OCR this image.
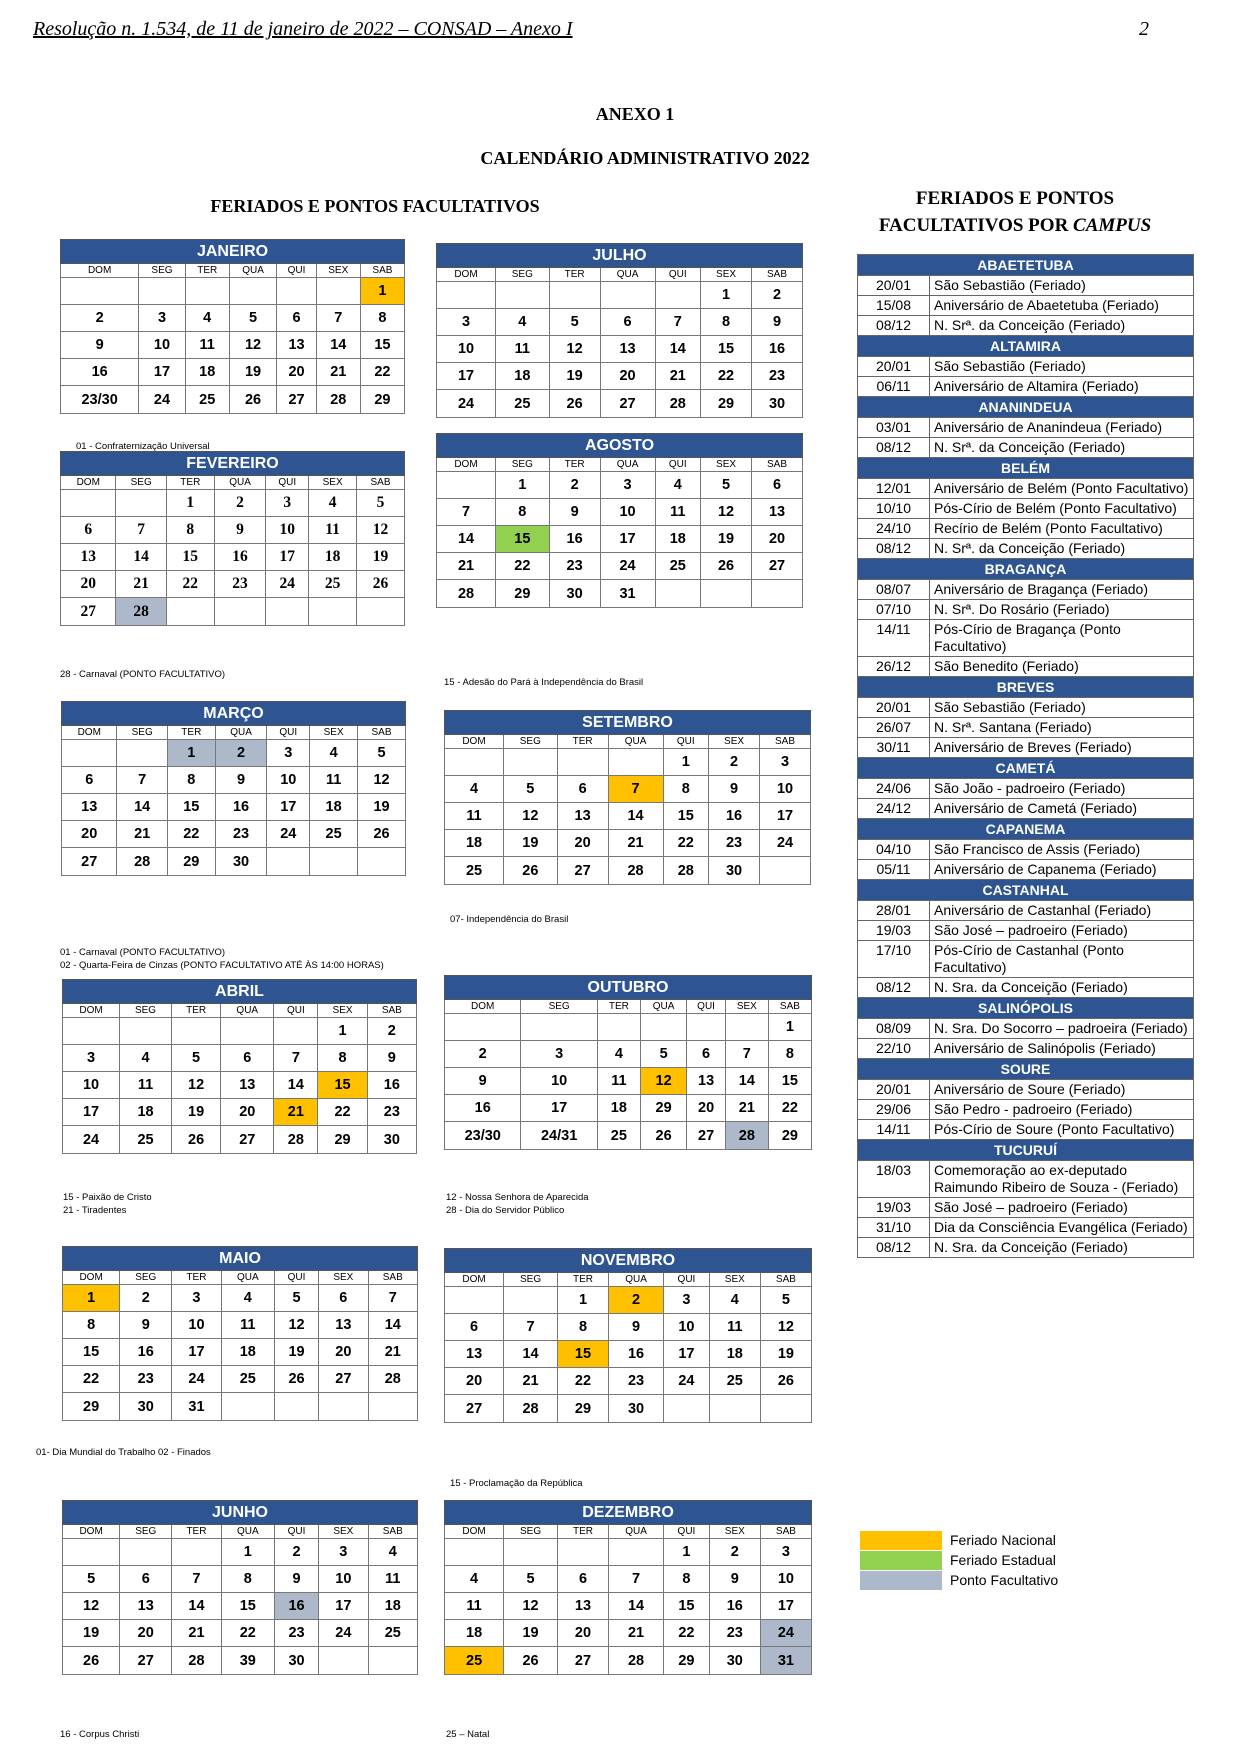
Resolução n. 1.534, de 11 de janeiro de 2022 – CONSAD – Anexo I	2
ANEXO 1
CALENDÁRIO ADMINISTRATIVO 2022
FERIADOS E PONTOS FACULTATIVOS	FERIADOS E PONTOS
FACULTATIVOS POR CAMPUS
JANEIRO						
DOM	SEG	TER	QUA	QUI	SEX	SAB
						1
2	3	4	5	6	7	8
9	10	11	12	13	14	15
16	17	18	19	20	21	22
23/30	24	25	26	27	28	29
FEVEREIRO						
DOM	SEG	TER	QUA	QUI	SEX	SAB
		1	2	3	4	5
6	7	8	9	10	11	12
13	14	15	16	17	18	19
20	21	22	23	24	25	26
27	28					
MARÇO						
DOM	SEG	TER	QUA	QUI	SEX	SAB
		1	2	3	4	5
6	7	8	9	10	11	12
13	14	15	16	17	18	19
20	21	22	23	24	25	26
27	28	29	30			
ABRIL						
DOM	SEG	TER	QUA	QUI	SEX	SAB
					1	2
3	4	5	6	7	8	9
10	11	12	13	14	15	16
17	18	19	20	21	22	23
24	25	26	27	28	29	30
MAIO						
DOM	SEG	TER	QUA	QUI	SEX	SAB
1	2	3	4	5	6	7
8	9	10	11	12	13	14
15	16	17	18	19	20	21
22	23	24	25	26	27	28
29	30	31				
JUNHO						
DOM	SEG	TER	QUA	QUI	SEX	SAB
			1	2	3	4
5	6	7	8	9	10	11
12	13	14	15	16	17	18
19	20	21	22	23	24	25
26	27	28	39	30		
JULHO						
DOM	SEG	TER	QUA	QUI	SEX	SAB
					1	2
3	4	5	6	7	8	9
10	11	12	13	14	15	16
17	18	19	20	21	22	23
24	25	26	27	28	29	30
AGOSTO						
DOM	SEG	TER	QUA	QUI	SEX	SAB
	1	2	3	4	5	6
7	8	9	10	11	12	13
14	15	16	17	18	19	20
21	22	23	24	25	26	27
28	29	30	31			
SETEMBRO						
DOM	SEG	TER	QUA	QUI	SEX	SAB
				1	2	3
4	5	6	7	8	9	10
11	12	13	14	15	16	17
18	19	20	21	22	23	24
25	26	27	28	28	30	
OUTUBRO						
DOM	SEG	TER	QUA	QUI	SEX	SAB
						1
2	3	4	5	6	7	8
9	10	11	12	13	14	15
16	17	18	29	20	21	22
23/30	24/31	25	26	27	28	29
NOVEMBRO						
DOM	SEG	TER	QUA	QUI	SEX	SAB
		1	2	3	4	5
6	7	8	9	10	11	12
13	14	15	16	17	18	19
20	21	22	23	24	25	26
27	28	29	30			
DEZEMBRO						
DOM	SEG	TER	QUA	QUI	SEX	SAB
				1	2	3
4	5	6	7	8	9	10
11	12	13	14	15	16	17
18	19	20	21	22	23	24
25	26	27	28	29	30	31
01 - Confraternização Universal
28 - Carnaval (PONTO FACULTATIVO)
15 - Adesão do Pará à Independência do Brasil
01 - Carnaval (PONTO FACULTATIVO)
02 - Quarta-Feira de Cinzas (PONTO FACULTATIVO ATÉ ÀS 14:00 HORAS)
07- Independência do Brasil
15 - Paixão de Cristo
21 - Tiradentes
12 - Nossa Senhora de Aparecida
28 - Dia do Servidor Público
01- Dia Mundial do Trabalho 02 - Finados
15 - Proclamação da República
16 - Corpus Christi	25 – Natal
ABAETETUBA	
20/01	São Sebastião (Feriado)
15/08	Aniversário de Abaetetuba (Feriado)
08/12	N. Srª. da Conceição (Feriado)
ALTAMIRA	
20/01	São Sebastião (Feriado)
06/11	Aniversário de Altamira (Feriado)
ANANINDEUA	
03/01	Aniversário de Ananindeua (Feriado)
08/12	N. Srª. da Conceição (Feriado)
BELÉM	
12/01	Aniversário de Belém (Ponto Facultativo)
10/10	Pós-Círio de Belém (Ponto Facultativo)
24/10	Recírio de Belém (Ponto Facultativo)
08/12	N. Srª. da Conceição (Feriado)
BRAGANÇA	
08/07	Aniversário de Bragança (Feriado)
07/10	N. Srª. Do Rosário (Feriado)
14/11	Pós-Círio de Bragança (Ponto Facultativo)
26/12	São Benedito (Feriado)
BREVES	
20/01	São Sebastião (Feriado)
26/07	N. Srª. Santana (Feriado)
30/11	Aniversário de Breves (Feriado)
CAMETÁ	
24/06	São João - padroeiro (Feriado)
24/12	Aniversário de Cametá (Feriado)
CAPANEMA	
04/10	São Francisco de Assis (Feriado)
05/11	Aniversário de Capanema (Feriado)
CASTANHAL	
28/01	Aniversário de Castanhal (Feriado)
19/03	São José – padroeiro (Feriado)
17/10	Pós-Círio de Castanhal (Ponto Facultativo)
08/12	N. Sra. da Conceição (Feriado)
SALINÓPOLIS	
08/09	N. Sra. Do Socorro – padroeira (Feriado)
22/10	Aniversário de Salinópolis (Feriado)
SOURE	
20/01	Aniversário de Soure (Feriado)
29/06	São Pedro - padroeiro (Feriado)
14/11	Pós-Círio de Soure (Ponto Facultativo)
TUCURUÍ	
18/03	Comemoração ao ex-deputado Raimundo Ribeiro de Souza - (Feriado)
19/03	São José – padroeiro (Feriado)
31/10	Dia da Consciência Evangélica (Feriado)
08/12	N. Sra. da Conceição (Feriado)
Feriado Nacional
Feriado Estadual
Ponto Facultativo
